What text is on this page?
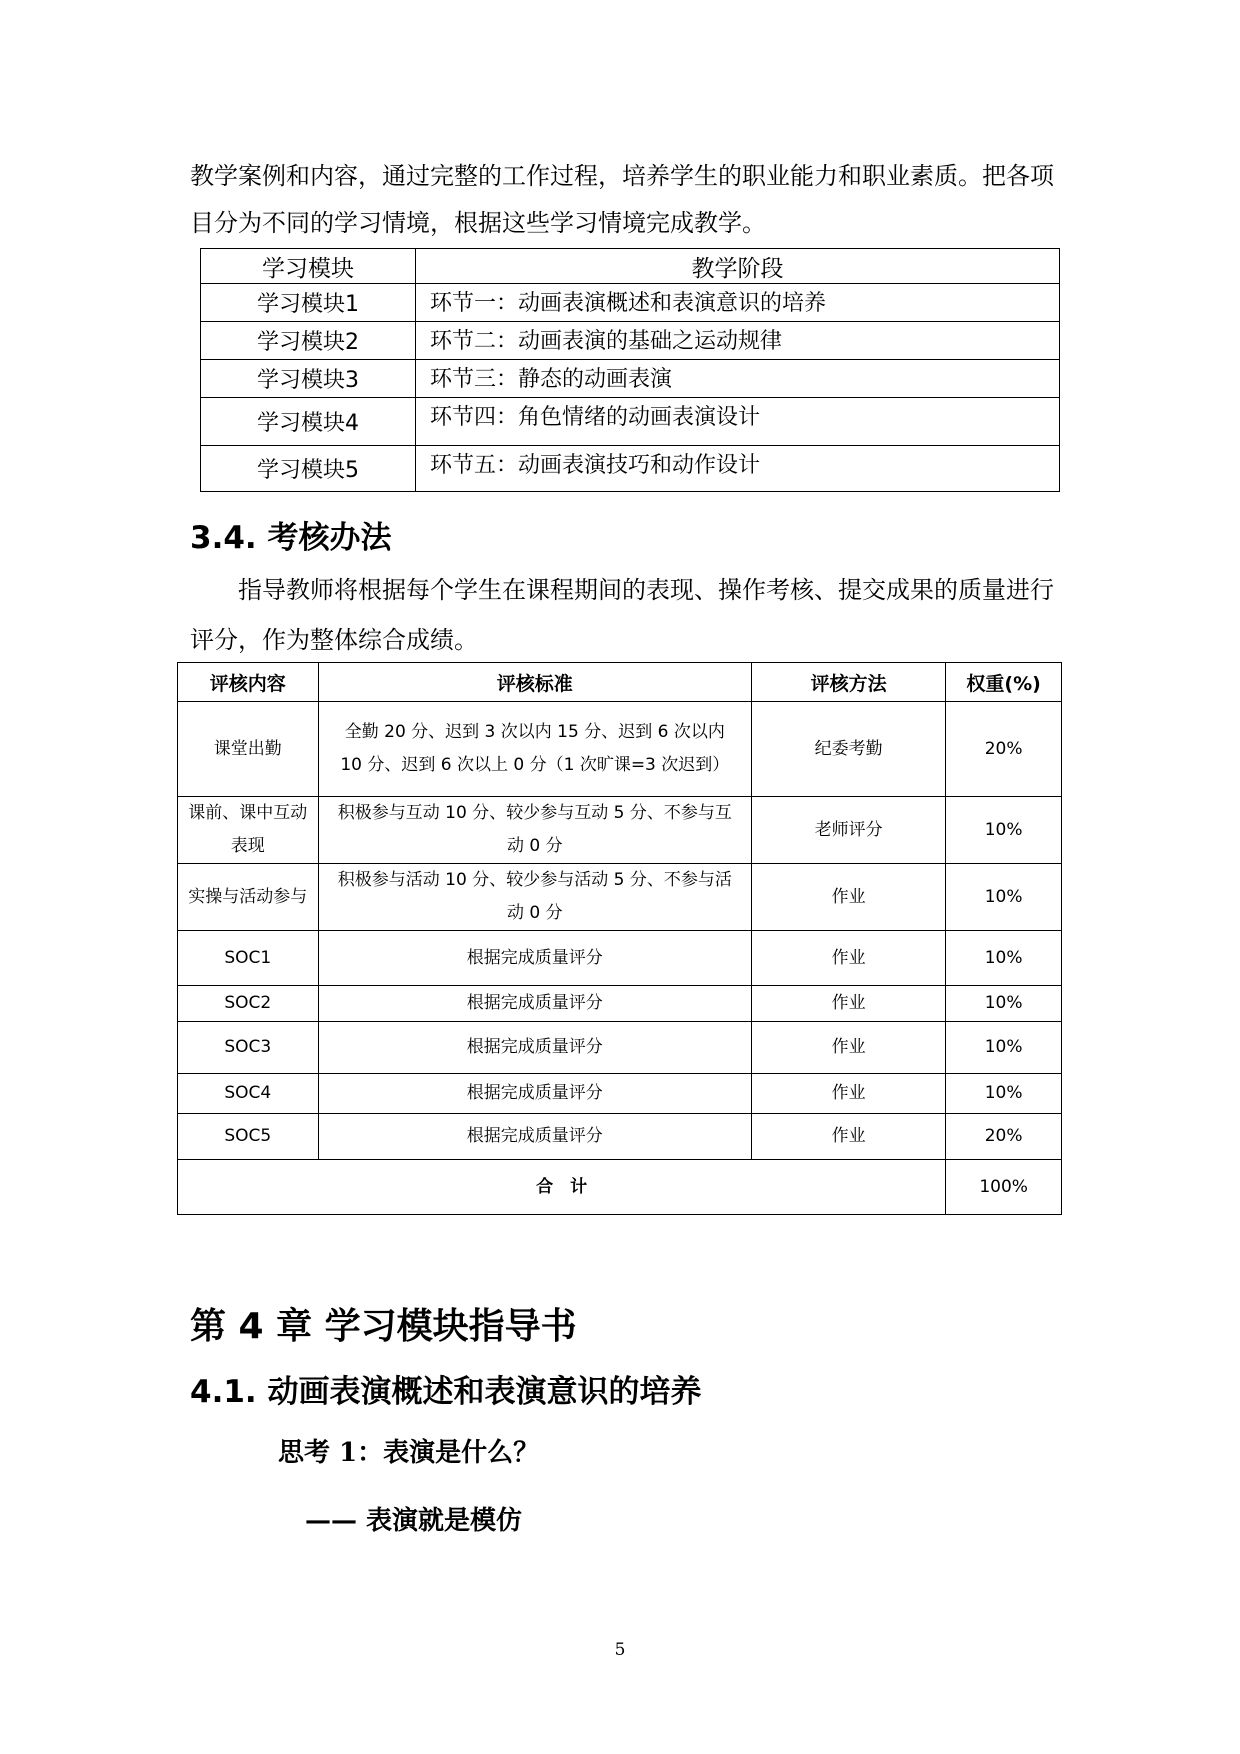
教学案例和内容，通过完整的工作过程，培养学生的职业能力和职业素质。把各项

目分为不同的学习情境，根据这些学习情境完成教学。

学习模块	教学阶段
学习模块1	环节一：动画表演概述和表演意识的培养
学习模块2	环节二：动画表演的基础之运动规律
学习模块3	环节三：静态的动画表演
学习模块4	环节四：角色情绪的动画表演设计
学习模块5	环节五：动画表演技巧和动作设计
3.4. 考核办法

指导教师将根据每个学生在课程期间的表现、操作考核、提交成果的质量进行评分，作为整体综合成绩。

评核内容	评核标准	评核方法	权重(%)
课堂出勤	全勤 20 分、迟到 3 次以内 15 分、迟到 6 次以内 10 分、迟到 6 次以上 0 分（1 次旷课=3 次迟到）	纪委考勤	20%
课前、课中互动表现	积极参与互动 10 分、较少参与互动 5 分、不参与互动 0 分	老师评分	10%
实操与活动参与	积极参与活动 10 分、较少参与活动 5 分、不参与活动 0 分	作业	10%
SOC1	根据完成质量评分	作业	10%
SOC2	根据完成质量评分	作业	10%
SOC3	根据完成质量评分	作业	10%
SOC4	根据完成质量评分	作业	10%
SOC5	根据完成质量评分	作业	20%
合　计			100%
第 4 章 学习模块指导书
4.1. 动画表演概述和表演意识的培养

思考 1：表演是什么？

—— 表演就是模仿

5
